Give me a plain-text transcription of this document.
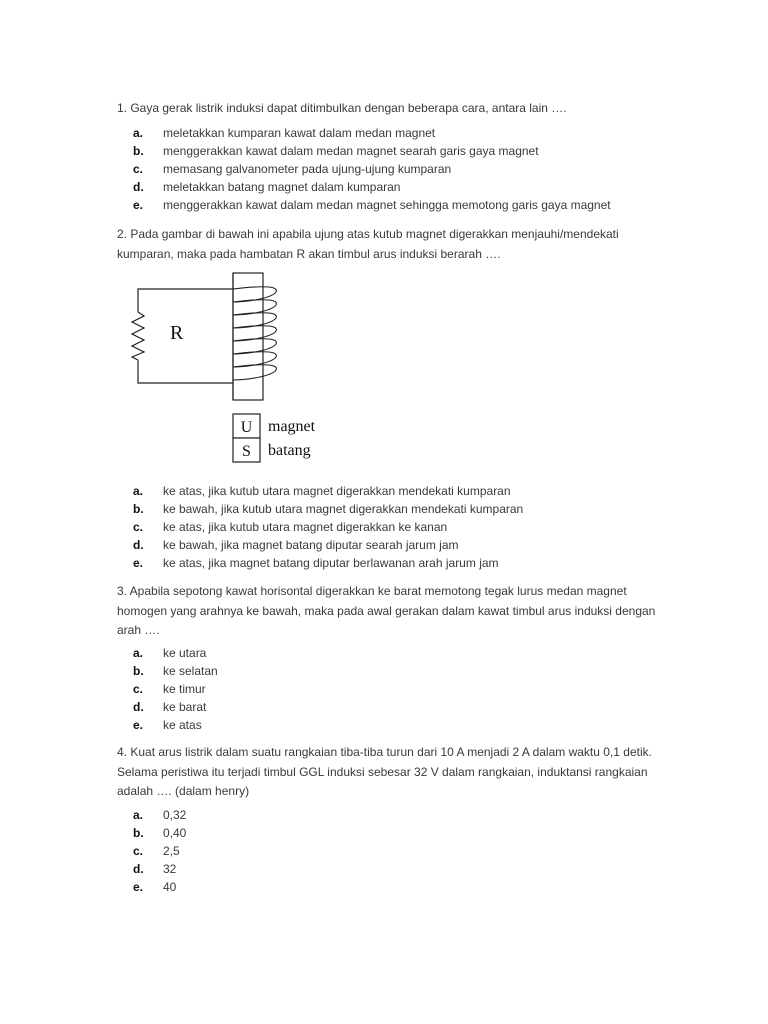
1. Gaya gerak listrik induksi dapat ditimbulkan dengan beberapa cara, antara lain ….
a. meletakkan kumparan kawat dalam medan magnet
b. menggerakkan kawat dalam medan magnet searah garis gaya magnet
c. memasang galvanometer pada ujung-ujung kumparan
d. meletakkan batang magnet dalam kumparan
e. menggerakkan kawat dalam medan magnet sehingga memotong garis gaya magnet
2. Pada gambar di bawah ini apabila ujung atas kutub magnet digerakkan menjauhi/mendekati kumparan, maka pada hambatan R akan timbul arus induksi berarah ….
R
U
S
magnet
batang
a. ke atas, jika kutub utara magnet digerakkan mendekati kumparan
b. ke bawah, jika kutub utara magnet digerakkan mendekati kumparan
c. ke atas, jika kutub utara magnet digerakkan ke kanan
d. ke bawah, jika magnet batang diputar searah jarum jam
e. ke atas, jika magnet batang diputar berlawanan arah jarum jam
3. Apabila sepotong kawat horisontal digerakkan ke barat memotong tegak lurus medan magnet homogen yang arahnya ke bawah, maka pada awal gerakan dalam kawat timbul arus induksi dengan arah ….
a. ke utara
b. ke selatan
c. ke timur
d. ke barat
e. ke atas
4. Kuat arus listrik dalam suatu rangkaian tiba-tiba turun dari 10 A menjadi 2 A dalam waktu 0,1 detik. Selama peristiwa itu terjadi timbul GGL induksi sebesar 32 V dalam rangkaian, induktansi rangkaian adalah …. (dalam henry)
a. 0,32
b. 0,40
c. 2,5
d. 32
e. 40
